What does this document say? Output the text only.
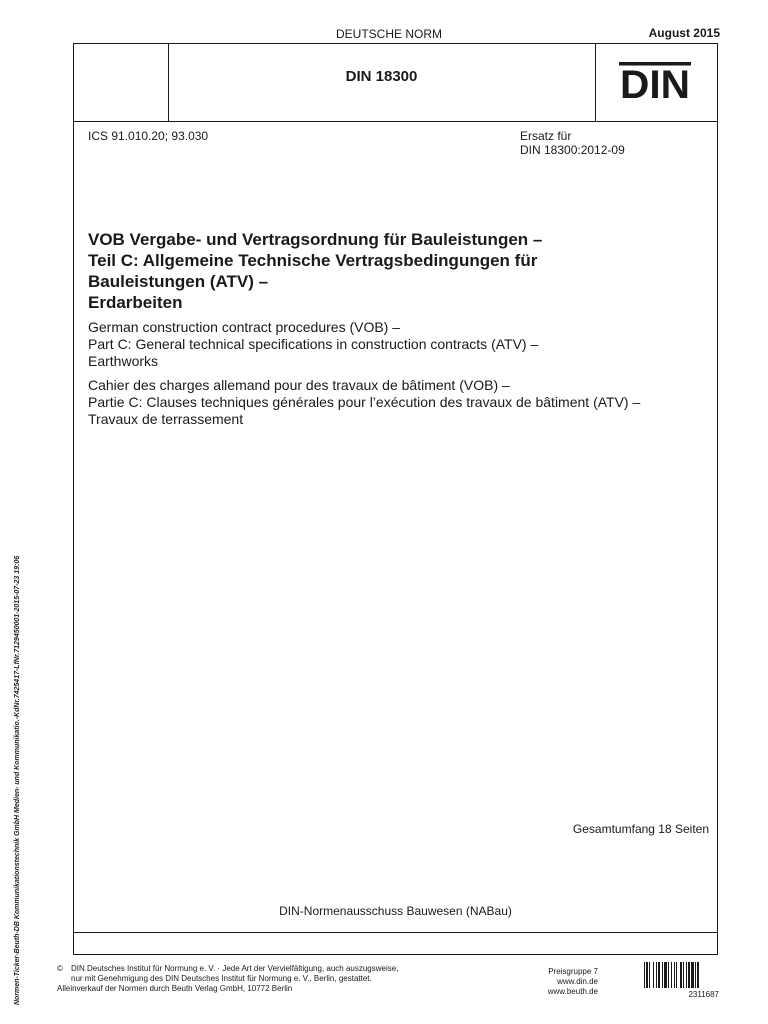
DEUTSCHE NORM	August 2015
DIN 18300	DIN
ICS 91.010.20; 93.030	Ersatz für
DIN 18300:2012-09
VOB Vergabe- und Vertragsordnung für Bauleistungen –
Teil C: Allgemeine Technische Vertragsbedingungen für
Bauleistungen (ATV) –
Erdarbeiten
German construction contract procedures (VOB) –
Part C: General technical specifications in construction contracts (ATV) –
Earthworks
Cahier des charges allemand pour des travaux de bâtiment (VOB) –
Partie C: Clauses techniques générales pour l’exécution des travaux de bâtiment (ATV) –
Travaux de terrassement
Gesamtumfang 18 Seiten
DIN-Normenausschuss Bauwesen (NABau)
© DIN Deutsches Institut für Normung e. V. · Jede Art der Vervielfältigung, auch auszugsweise,
nur mit Genehmigung des DIN Deutsches Institut für Normung e. V., Berlin, gestattet.
Alleinverkauf der Normen durch Beuth Verlag GmbH, 10772 Berlin
Preisgruppe 7
www.din.de
www.beuth.de	2311687
Normen-Ticker-Beuth-DB Kommunikationstechnik GmbH Medien- und Kommunikatio.-KdNr.7425417-LfNr.7129450001-2015-07-23 19:06
